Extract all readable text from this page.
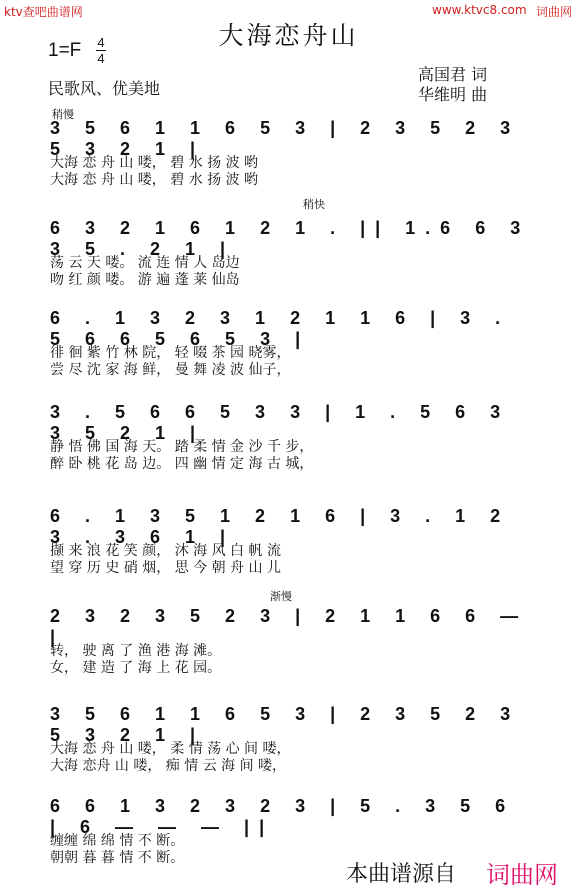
ktv查吧曲谱网	www.ktvc8.com 词曲网
大海恋舟山
1=F 4
4
民歌风、优美地
高国君 词
华维明 曲
稍慢
3 5 6 1 1 6 5 3 | 2 3 5 2 3 5 3 2 1 |
大海 恋 舟 山 喽， 碧 水 扬 波 哟
大海 恋 舟 山 喽， 碧 水 扬 波 哟
稍快
6 3 2 1 6 1 2 1 . || 1.6 6 3 3 5 . 2 1 |
荡 云 天 喽。 流 连 情 人 岛边
吻 红 颜 喽。 游 遍 蓬 莱 仙岛
6 . 1 3 2 3 1 2 1 1 6 | 3 . 5 6 6 5 6 5 3 |
徘 徊 紫 竹 林 院， 轻 啜 茶 园 晓雾，
尝 尽 沈 家 海 鲜， 曼 舞 凌 波 仙子，
3 . 5 6 6 5 3 3 | 1 . 5 6 3 3 5 2 1 |
静 悟 佛 国 海 天。 踏 柔 情 金 沙 千 步，
醉 卧 桃 花 岛 边。 四 幽 情 定 海 古 城，
6 . 1 3 5 1 2 1 6 | 3 . 1 2 3 . 3 6 1 |
撷 来 浪 花 笑 颜， 沐 海 风 白 帆 流
望 穿 历 史 硝 烟， 思 今 朝 舟 山 儿
渐慢
2 3 2 3 5 2 3 | 2 1 1 6 6 — |
转， 驶 离 了 渔 港 海 滩。
女， 建 造 了 海 上 花 园。
3 5 6 1 1 6 5 3 | 2 3 5 2 3 5 3 2 1 |
大海 恋 舟 山 喽， 柔 情 荡 心 间 喽，
大海 恋舟 山 喽， 痴 情 云 海 间 喽，
6 6 1 3 2 3 2 3 | 5 . 3 5 6 | 6 — — — ||
缠缠 绵 绵 情 不 断。
朝朝 暮 暮 情 不 断。
本曲谱源自 词曲网
